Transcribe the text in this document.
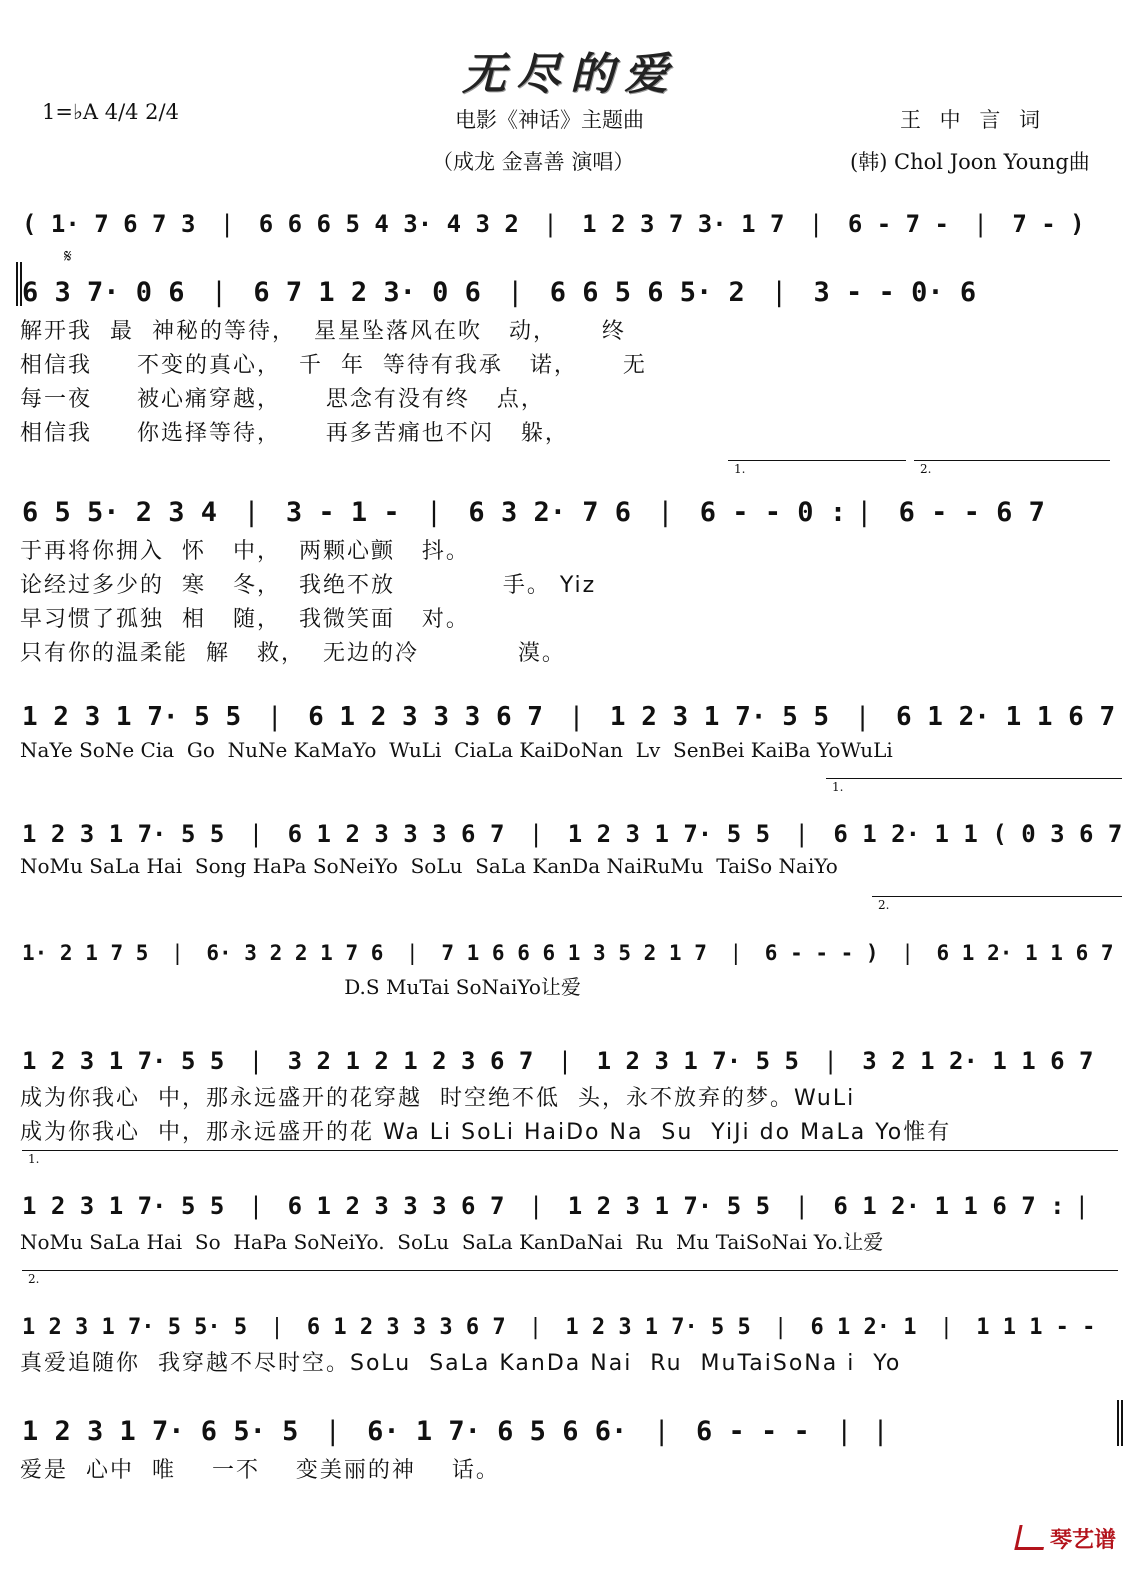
无尽的爱
1=♭A 4/4 2/4	电影《神话》主题曲
（成龙 金喜善 演唱）
王 中 言 词
(韩) Chol Joon Young曲
( 1· 7 6 7 3 | 6 6 6 5 4 3· 4 3 2 | 1 2 3 7 3· 1 7 | 6 - 7 - | 7 - )
6 3 7· 0 6 | 6 7 1 2 3· 0 6 | 6 6 5 6 5· 2 | 3 - - 0· 6
解开我  最  神秘的等待，  星星坠落风在吹   动，     终
相信我     不变的真心，  千  年  等待有我承   诺，     无
每一夜     被心痛穿越，     思念有没有终   点，
相信我     你选择等待，     再多苦痛也不闪   躲，
6 5 5· 2 3 4 | 3 - 1 - | 6 3 2· 7 6 | 6 - - 0 : | 6 - - 6 7
于再将你拥入  怀   中，  两颗心颤   抖。
论经过多少的  寒   冬，  我绝不放            手。 Yiz
早习惯了孤独  相   随，  我微笑面   对。
只有你的温柔能  解   救，  无边的冷           漠。
1 2 3 1 7· 5 5 | 6 1 2 3 3 3 6 7 | 1 2 3 1 7· 5 5 | 6 1 2· 1 1 6 7
NaYe SoNe Cia  Go  NuNe KaMaYo  WuLi  CiaLa KaiDoNan  Lv  SenBei KaiBa YoWuLi
1 2 3 1 7· 5 5 | 6 1 2 3 3 3 6 7 | 1 2 3 1 7· 5 5 | 6 1 2· 1 1 ( 0 3 6 7
NoMu SaLa Hai  Song HaPa SoNeiYo  SoLu  SaLa KanDa NaiRuMu  TaiSo NaiYo
1· 2 1 7 5 | 6· 3 2 2 1 7 6 | 7 1 6 6 6 1 3 5 2 1 7 | 6 - - - ) | 6 1 2· 1 1 6 7
D.S MuTai SoNaiYo让爱
1 2 3 1 7· 5 5 | 3 2 1 2 1 2 3 6 7 | 1 2 3 1 7· 5 5 | 3 2 1 2· 1 1 6 7
成为你我心  中，那永远盛开的花穿越  时空绝不低  头，永不放弃的梦。WuLi
成为你我心  中，那永远盛开的花 Wa Li SoLi HaiDo Na  Su  YiJi do MaLa Yo惟有
1 2 3 1 7· 5 5 | 6 1 2 3 3 3 6 7 | 1 2 3 1 7· 5 5 | 6 1 2· 1 1 6 7 : |
NoMu SaLa Hai  So  HaPa SoNeiYo.  SoLu  SaLa KanDaNai  Ru  Mu TaiSoNai Yo.让爱
1 2 3 1 7· 5 5· 5 | 6 1 2 3 3 3 6 7 | 1 2 3 1 7· 5 5 | 6 1 2· 1 | 1 1 1 - -
真爱追随你  我穿越不尽时空。SoLu  SaLa KanDa Nai  Ru  MuTaiSoNa i  Yo
1 2 3 1 7· 6 5· 5 | 6· 1 7· 6 5 6 6· | 6 - - - | |
爱是  心中  唯    一不    变美丽的神    话。
琴艺谱
1.	2.
1.
2.
1.
2.
𝄋
